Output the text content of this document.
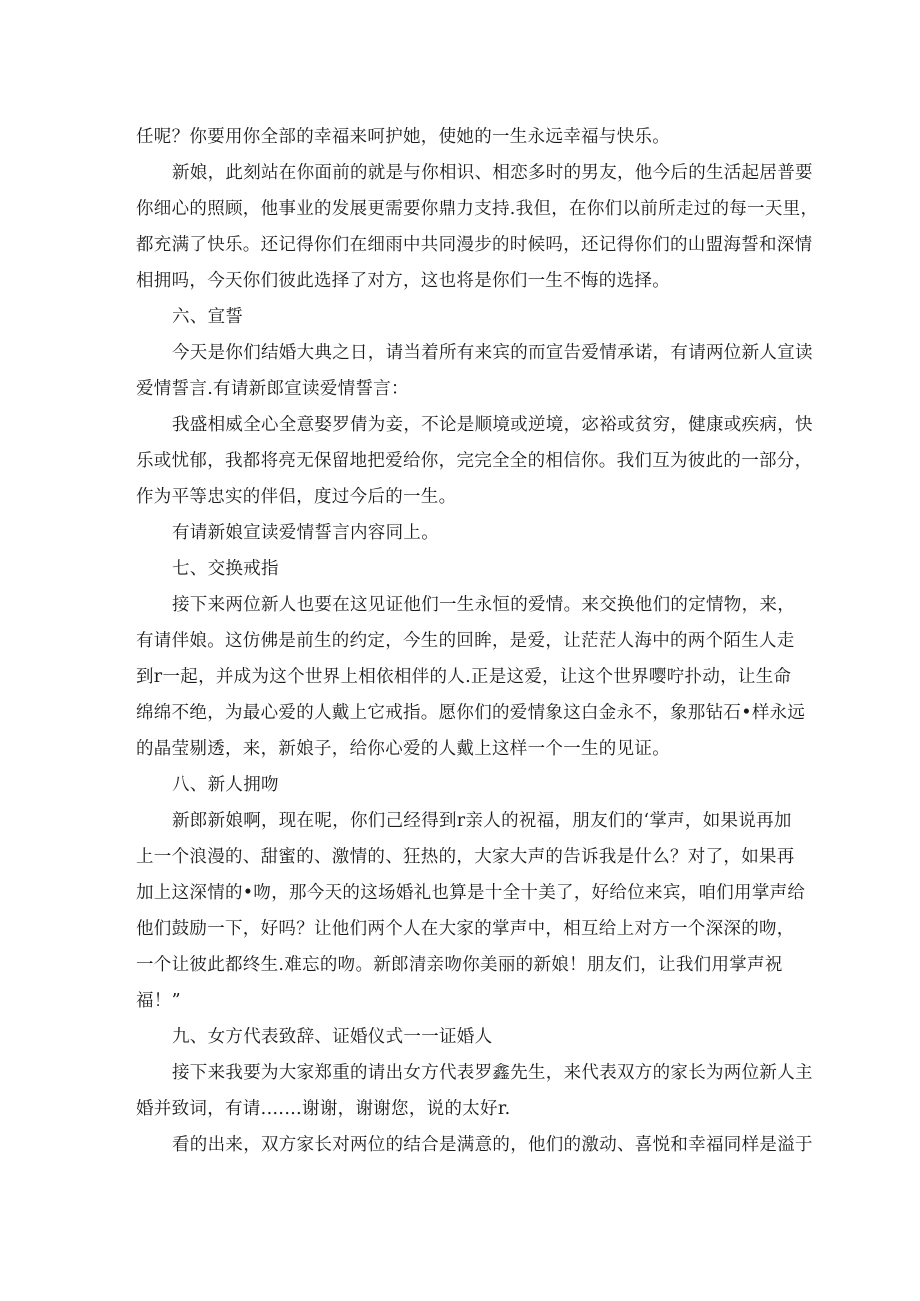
任呢？你要用你全部的幸福来呵护她，使她的一生永远幸福与快乐。
新娘，此刻站在你面前的就是与你相识、相恋多时的男友，他今后的生活起居普要
你细心的照顾，他事业的发展更需要你鼎力支持.我但，在你们以前所走过的每一天里，
都充满了快乐。还记得你们在细雨中共同漫步的时候吗，还记得你们的山盟海誓和深情
相拥吗，今天你们彼此选择了对方，这也将是你们一生不悔的选择。
六、宣誓
今天是你们结婚大典之日，请当着所有来宾的而宣告爱情承诺，有请两位新人宣读
爱情誓言.有请新郎宣读爱情誓言：
我盛相威全心全意娶罗倩为妾，不论是顺境或逆境，宓裕或贫穷，健康或疾病，快
乐或忧郁，我都将亮无保留地把爱给你，完完全全的相信你。我们互为彼此的一部分，
作为平等忠实的伴侣，度过今后的一生。
有请新娘宣读爱情誓言内容同上。
七、交换戒指
接下来两位新人也要在这见证他们一生永恒的爱情。来交换他们的定情物，来，
有请伴娘。这仿佛是前生的约定，今生的回眸，是爱，让茫茫人海中的两个陌生人走
到r一起，并成为这个世界上相依相伴的人.正是这爱，让这个世界嘤咛扑动，让生命
绵绵不绝，为最心爱的人戴上它戒指。愿你们的爱情象这白金永不，象那钻石•样永远
的晶莹剔透，来，新娘子，给你心爱的人戴上这样一个一生的见证。
八、新人拥吻
新郎新娘啊，现在呢，你们己经得到r亲人的祝福，朋友们的‘掌声，如果说再加
上一个浪漫的、甜蜜的、激情的、狂热的，大家大声的告诉我是什么？对了，如果再
加上这深情的•吻，那今天的这场婚礼也算是十全十美了，好给位来宾，咱们用掌声给
他们鼓励一下，好吗？让他们两个人在大家的掌声中，相互给上对方一个深深的吻，
一个让彼此都终生.难忘的吻。新郎清亲吻你美丽的新娘！朋友们，让我们用掌声祝
福！”
九、女方代表致辞、证婚仪式一一证婚人
接下来我要为大家郑重的请出女方代表罗鑫先生，来代表双方的家长为两位新人主
婚并致词，有请.……谢谢，谢谢您，说的太好r.
看的出来，双方家长对两位的结合是满意的，他们的激动、喜悦和幸福同样是溢于
